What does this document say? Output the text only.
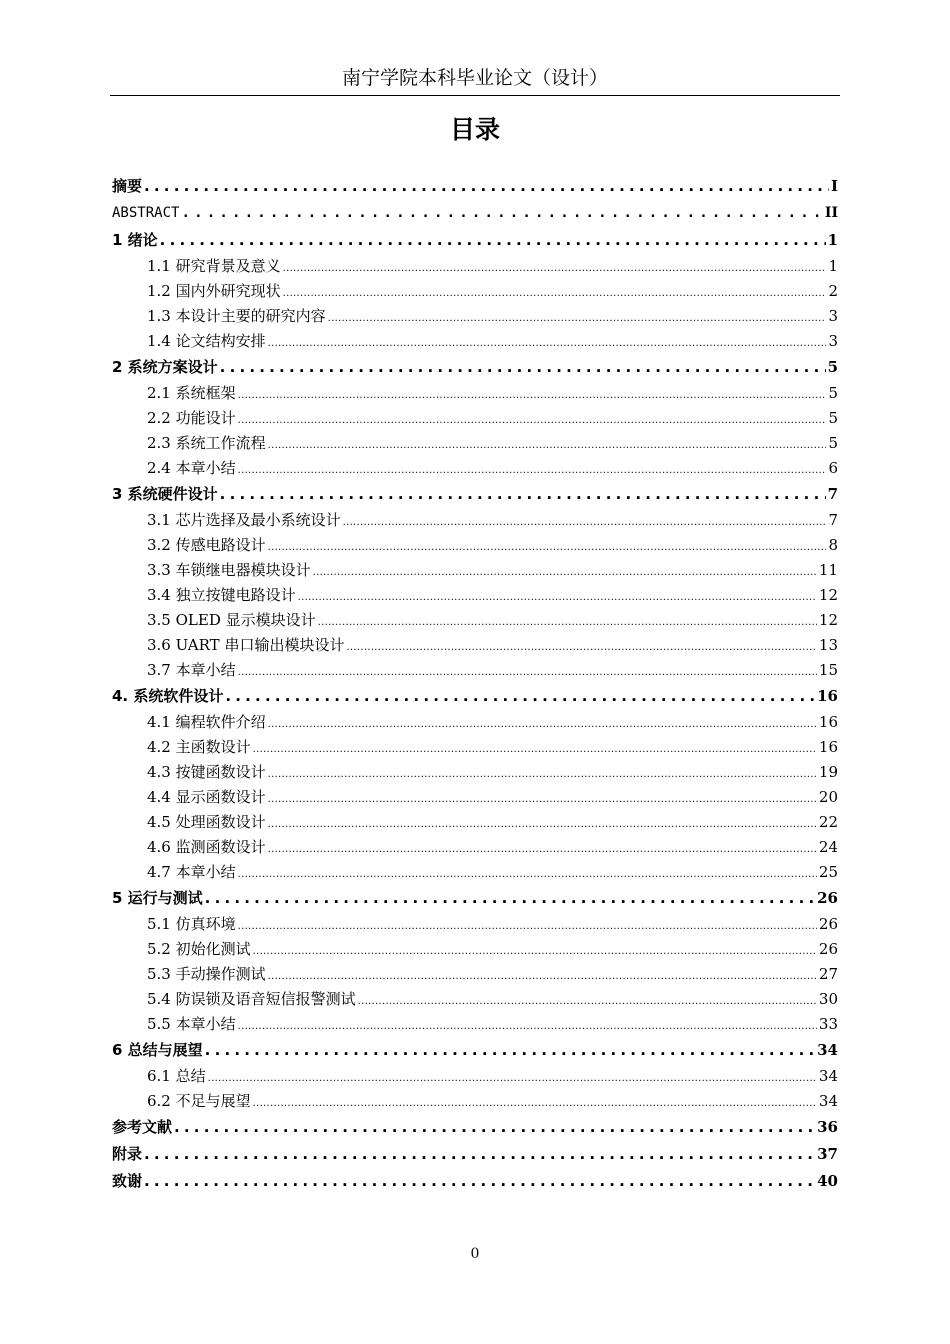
南宁学院本科毕业论文（设计）
目录
摘要 .....	I
ABSTRACT .....	II
1 绪论 .....	1
1.1 研究背景及意义 .....	1
1.2 国内外研究现状 .....	2
1.3 本设计主要的研究内容 .....	3
1.4 论文结构安排 .....	3
2 系统方案设计 .....	5
2.1 系统框架 .....	5
2.2 功能设计 .....	5
2.3 系统工作流程 .....	5
2.4 本章小结 .....	6
3 系统硬件设计 .....	7
3.1 芯片选择及最小系统设计 .....	7
3.2 传感电路设计 .....	8
3.3 车锁继电器模块设计 .....	11
3.4 独立按键电路设计 .....	12
3.5 OLED 显示模块设计 .....	12
3.6 UART 串口输出模块设计 .....	13
3.7 本章小结 .....	15
4. 系统软件设计 .....	16
4.1 编程软件介绍 .....	16
4.2 主函数设计 .....	16
4.3 按键函数设计 .....	19
4.4 显示函数设计 .....	20
4.5 处理函数设计 .....	22
4.6 监测函数设计 .....	24
4.7 本章小结 .....	25
5 运行与测试 .....	26
5.1 仿真环境 .....	26
5.2 初始化测试 .....	26
5.3 手动操作测试 .....	27
5.4 防误锁及语音短信报警测试 .....	30
5.5 本章小结 .....	33
6 总结与展望 .....	34
6.1 总结 .....	34
6.2 不足与展望 .....	34
参考文献 .....	36
附录 .....	37
致谢 .....	40
0
